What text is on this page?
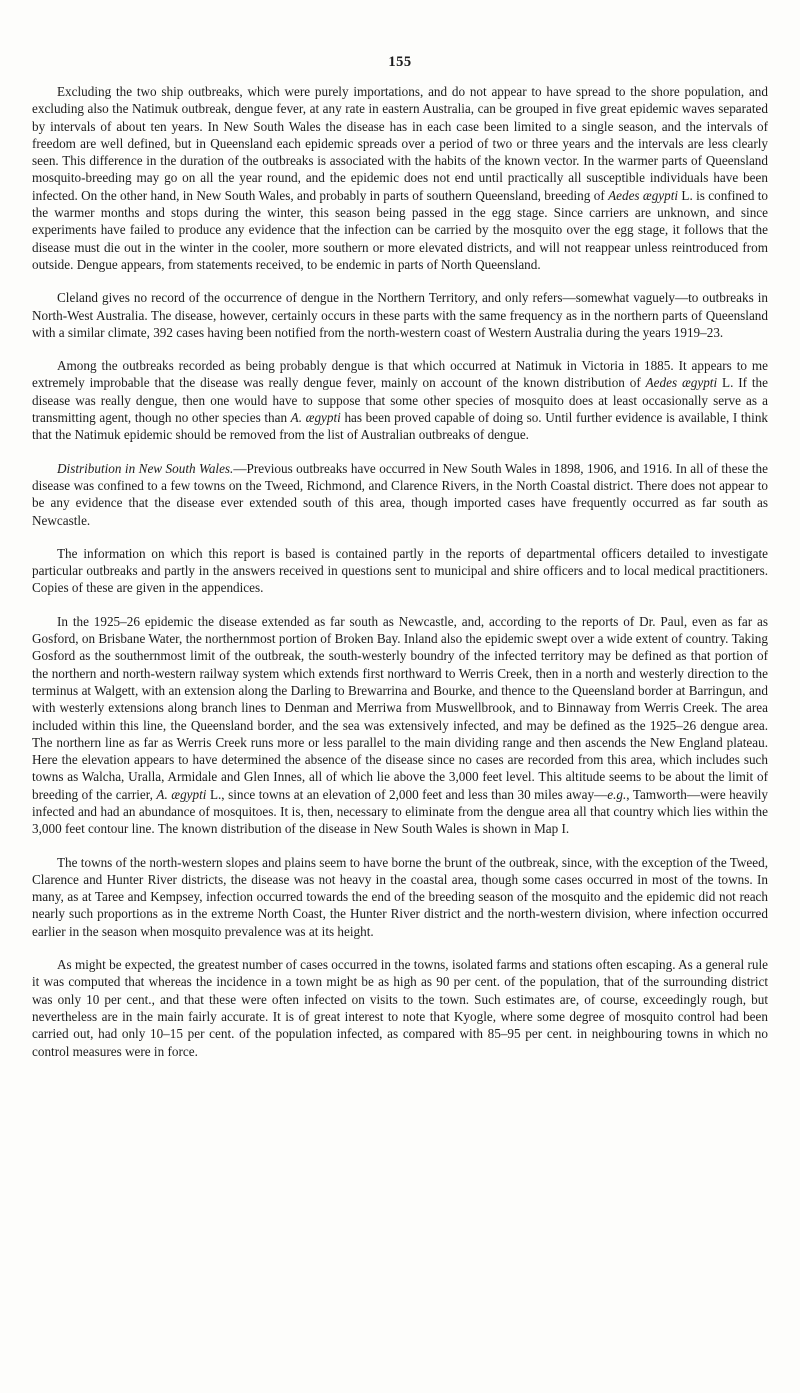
155

Excluding the two ship outbreaks, which were purely importations, and do not appear to have spread to the shore population, and excluding also the Natimuk outbreak, dengue fever, at any rate in eastern Australia, can be grouped in five great epidemic waves separated by intervals of about ten years. In New South Wales the disease has in each case been limited to a single season, and the intervals of freedom are well defined, but in Queensland each epidemic spreads over a period of two or three years and the intervals are less clearly seen. This difference in the duration of the outbreaks is associated with the habits of the known vector. In the warmer parts of Queensland mosquito-breeding may go on all the year round, and the epidemic does not end until practically all susceptible individuals have been infected. On the other hand, in New South Wales, and probably in parts of southern Queensland, breeding of Aedes ægypti L. is confined to the warmer months and stops during the winter, this season being passed in the egg stage. Since carriers are unknown, and since experiments have failed to produce any evidence that the infection can be carried by the mosquito over the egg stage, it follows that the disease must die out in the winter in the cooler, more southern or more elevated districts, and will not reappear unless reintroduced from outside. Dengue appears, from statements received, to be endemic in parts of North Queensland.

Cleland gives no record of the occurrence of dengue in the Northern Territory, and only refers—somewhat vaguely—to outbreaks in North-West Australia. The disease, however, certainly occurs in these parts with the same frequency as in the northern parts of Queensland with a similar climate, 392 cases having been notified from the north-western coast of Western Australia during the years 1919–23.

Among the outbreaks recorded as being probably dengue is that which occurred at Natimuk in Victoria in 1885. It appears to me extremely improbable that the disease was really dengue fever, mainly on account of the known distribution of Aedes ægypti L. If the disease was really dengue, then one would have to suppose that some other species of mosquito does at least occasionally serve as a transmitting agent, though no other species than A. ægypti has been proved capable of doing so. Until further evidence is available, I think that the Natimuk epidemic should be removed from the list of Australian outbreaks of dengue.

Distribution in New South Wales.—Previous outbreaks have occurred in New South Wales in 1898, 1906, and 1916. In all of these the disease was confined to a few towns on the Tweed, Richmond, and Clarence Rivers, in the North Coastal district. There does not appear to be any evidence that the disease ever extended south of this area, though imported cases have frequently occurred as far south as Newcastle.

The information on which this report is based is contained partly in the reports of departmental officers detailed to investigate particular outbreaks and partly in the answers received in questions sent to municipal and shire officers and to local medical practitioners. Copies of these are given in the appendices.

In the 1925–26 epidemic the disease extended as far south as Newcastle, and, according to the reports of Dr. Paul, even as far as Gosford, on Brisbane Water, the northernmost portion of Broken Bay. Inland also the epidemic swept over a wide extent of country. Taking Gosford as the southernmost limit of the outbreak, the south-westerly boundry of the infected territory may be defined as that portion of the northern and north-western railway system which extends first northward to Werris Creek, then in a north and westerly direction to the terminus at Walgett, with an extension along the Darling to Brewarrina and Bourke, and thence to the Queensland border at Barringun, and with westerly extensions along branch lines to Denman and Merriwa from Muswellbrook, and to Binnaway from Werris Creek. The area included within this line, the Queensland border, and the sea was extensively infected, and may be defined as the 1925–26 dengue area. The northern line as far as Werris Creek runs more or less parallel to the main dividing range and then ascends the New England plateau. Here the elevation appears to have determined the absence of the disease since no cases are recorded from this area, which includes such towns as Walcha, Uralla, Armidale and Glen Innes, all of which lie above the 3,000 feet level. This altitude seems to be about the limit of breeding of the carrier, A. ægypti L., since towns at an elevation of 2,000 feet and less than 30 miles away—e.g., Tamworth—were heavily infected and had an abundance of mosquitoes. It is, then, necessary to eliminate from the dengue area all that country which lies within the 3,000 feet contour line. The known distribution of the disease in New South Wales is shown in Map I.

The towns of the north-western slopes and plains seem to have borne the brunt of the outbreak, since, with the exception of the Tweed, Clarence and Hunter River districts, the disease was not heavy in the coastal area, though some cases occurred in most of the towns. In many, as at Taree and Kempsey, infection occurred towards the end of the breeding season of the mosquito and the epidemic did not reach nearly such proportions as in the extreme North Coast, the Hunter River district and the north-western division, where infection occurred earlier in the season when mosquito prevalence was at its height.

As might be expected, the greatest number of cases occurred in the towns, isolated farms and stations often escaping. As a general rule it was computed that whereas the incidence in a town might be as high as 90 per cent. of the population, that of the surrounding district was only 10 per cent., and that these were often infected on visits to the town. Such estimates are, of course, exceedingly rough, but nevertheless are in the main fairly accurate. It is of great interest to note that Kyogle, where some degree of mosquito control had been carried out, had only 10–15 per cent. of the population infected, as compared with 85–95 per cent. in neighbouring towns in which no control measures were in force.
